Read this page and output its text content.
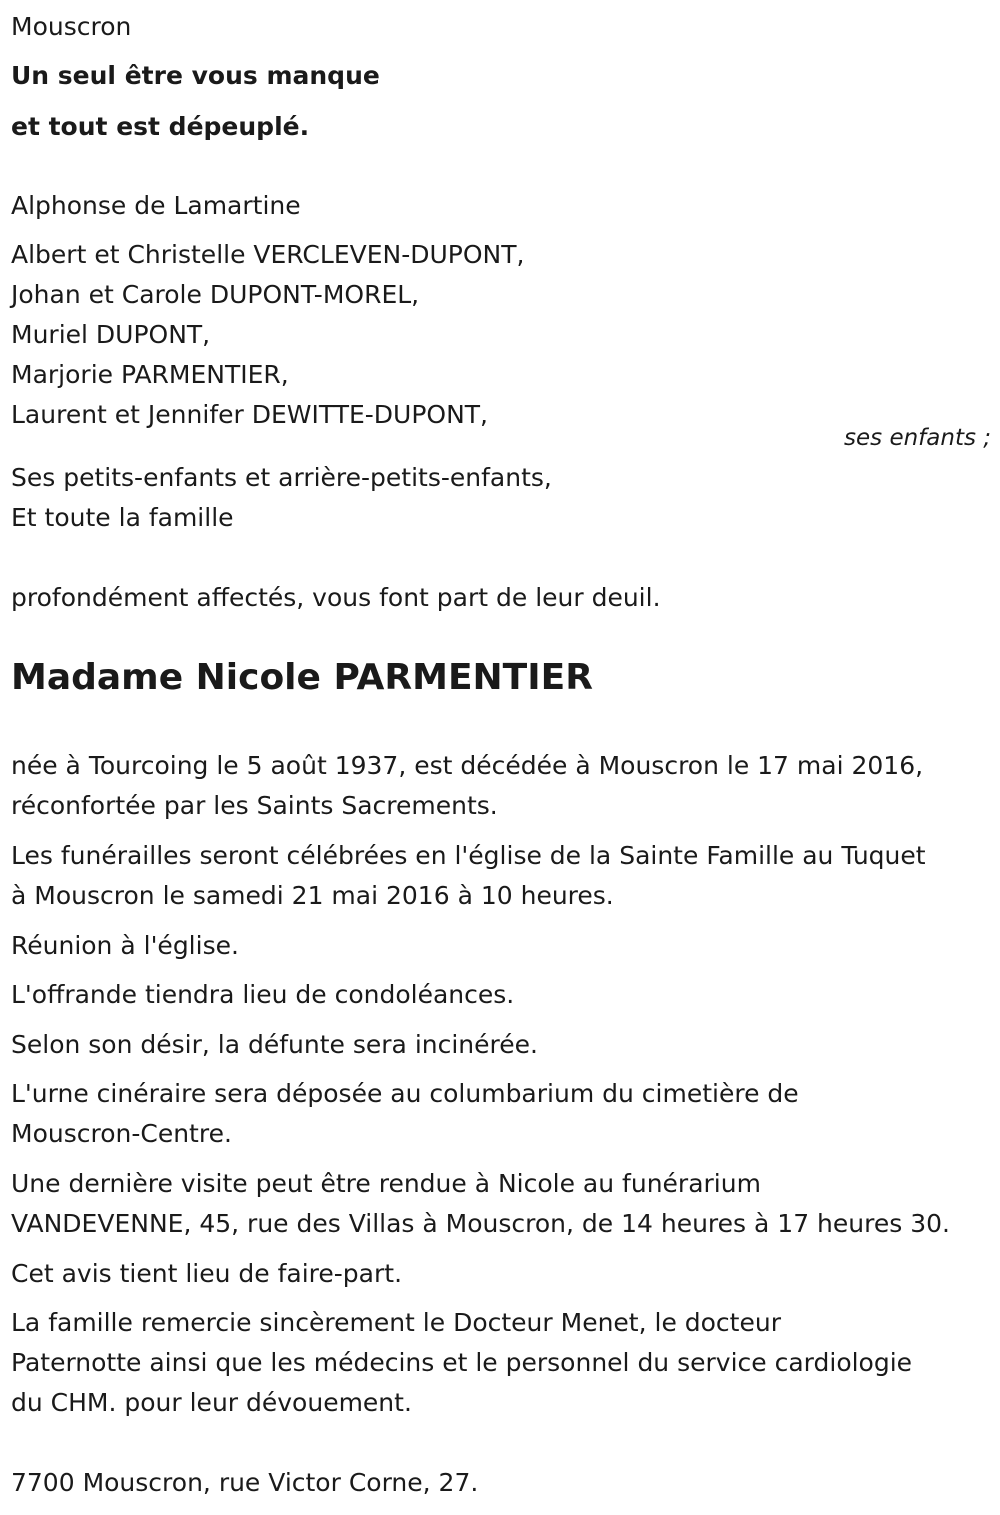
Mouscron
Un seul être vous manque
et tout est dépeuplé.
Alphonse de Lamartine
Albert et Christelle VERCLEVEN-DUPONT,
Johan et Carole DUPONT-MOREL,
Muriel DUPONT,
Marjorie PARMENTIER,
Laurent et Jennifer DEWITTE-DUPONT,
ses enfants ;
Ses petits-enfants et arrière-petits-enfants,
Et toute la famille
profondément affectés, vous font part de leur deuil.
Madame Nicole PARMENTIER
née à Tourcoing le 5 août 1937, est décédée à Mouscron le 17 mai 2016,
réconfortée par les Saints Sacrements.
Les funérailles seront célébrées en l'église de la Sainte Famille au Tuquet
à Mouscron le samedi 21 mai 2016 à 10 heures.
Réunion à l'église.
L'offrande tiendra lieu de condoléances.
Selon son désir, la défunte sera incinérée.
L'urne cinéraire sera déposée au columbarium du cimetière de
Mouscron-Centre.
Une dernière visite peut être rendue à Nicole au funérarium
VANDEVENNE, 45, rue des Villas à Mouscron, de 14 heures à 17 heures 30.
Cet avis tient lieu de faire-part.
La famille remercie sincèrement le Docteur Menet, le docteur
Paternotte ainsi que les médecins et le personnel du service cardiologie
du CHM. pour leur dévouement.
7700 Mouscron, rue Victor Corne, 27.
